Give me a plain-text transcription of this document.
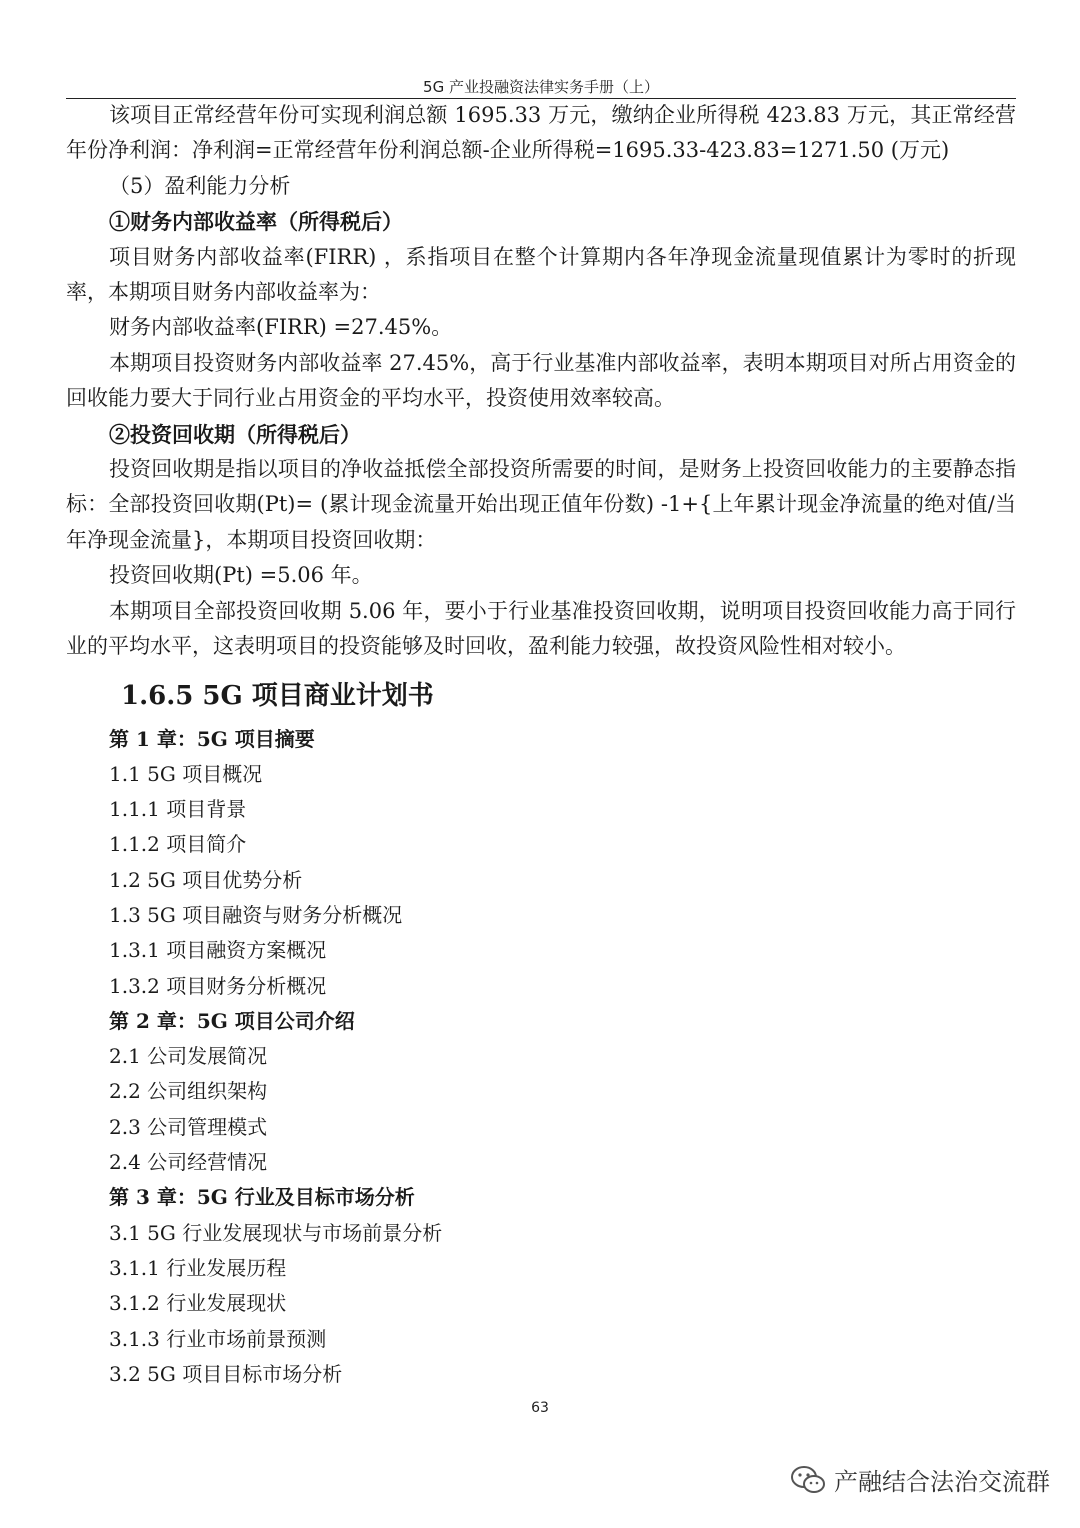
5G 产业投融资法律实务手册（上）

该项目正常经营年份可实现利润总额 1695.33 万元，缴纳企业所得税 423.83 万元，其正常经营年份净利润：净利润=正常经营年份利润总额-企业所得税=1695.33-423.83=1271.50 (万元)

（5）盈利能力分析

①财务内部收益率（所得税后）

项目财务内部收益率(FIRR) ，系指项目在整个计算期内各年净现金流量现值累计为零时的折现率，本期项目财务内部收益率为：

财务内部收益率(FIRR) =27.45%。

本期项目投资财务内部收益率 27.45%，高于行业基准内部收益率，表明本期项目对所占用资金的回收能力要大于同行业占用资金的平均水平，投资使用效率较高。

②投资回收期（所得税后）

投资回收期是指以项目的净收益抵偿全部投资所需要的时间，是财务上投资回收能力的主要静态指标：全部投资回收期(Pt)= (累计现金流量开始出现正值年份数) -1+{上年累计现金净流量的绝对值/当年净现金流量}，本期项目投资回收期：

投资回收期(Pt) =5.06 年。

本期项目全部投资回收期 5.06 年，要小于行业基准投资回收期，说明项目投资回收能力高于同行业的平均水平，这表明项目的投资能够及时回收，盈利能力较强，故投资风险性相对较小。

1.6.5 5G 项目商业计划书
第 1 章：5G 项目摘要
1.1 5G 项目概况
1.1.1 项目背景
1.1.2 项目简介
1.2 5G 项目优势分析
1.3 5G 项目融资与财务分析概况
1.3.1 项目融资方案概况
1.3.2 项目财务分析概况
第 2 章：5G 项目公司介绍
2.1 公司发展简况
2.2 公司组织架构
2.3 公司管理模式
2.4 公司经营情况
第 3 章：5G 行业及目标市场分析
3.1 5G 行业发展现状与市场前景分析
3.1.1 行业发展历程
3.1.2 行业发展现状
3.1.3 行业市场前景预测
3.2 5G 项目目标市场分析
63
产融结合法治交流群
